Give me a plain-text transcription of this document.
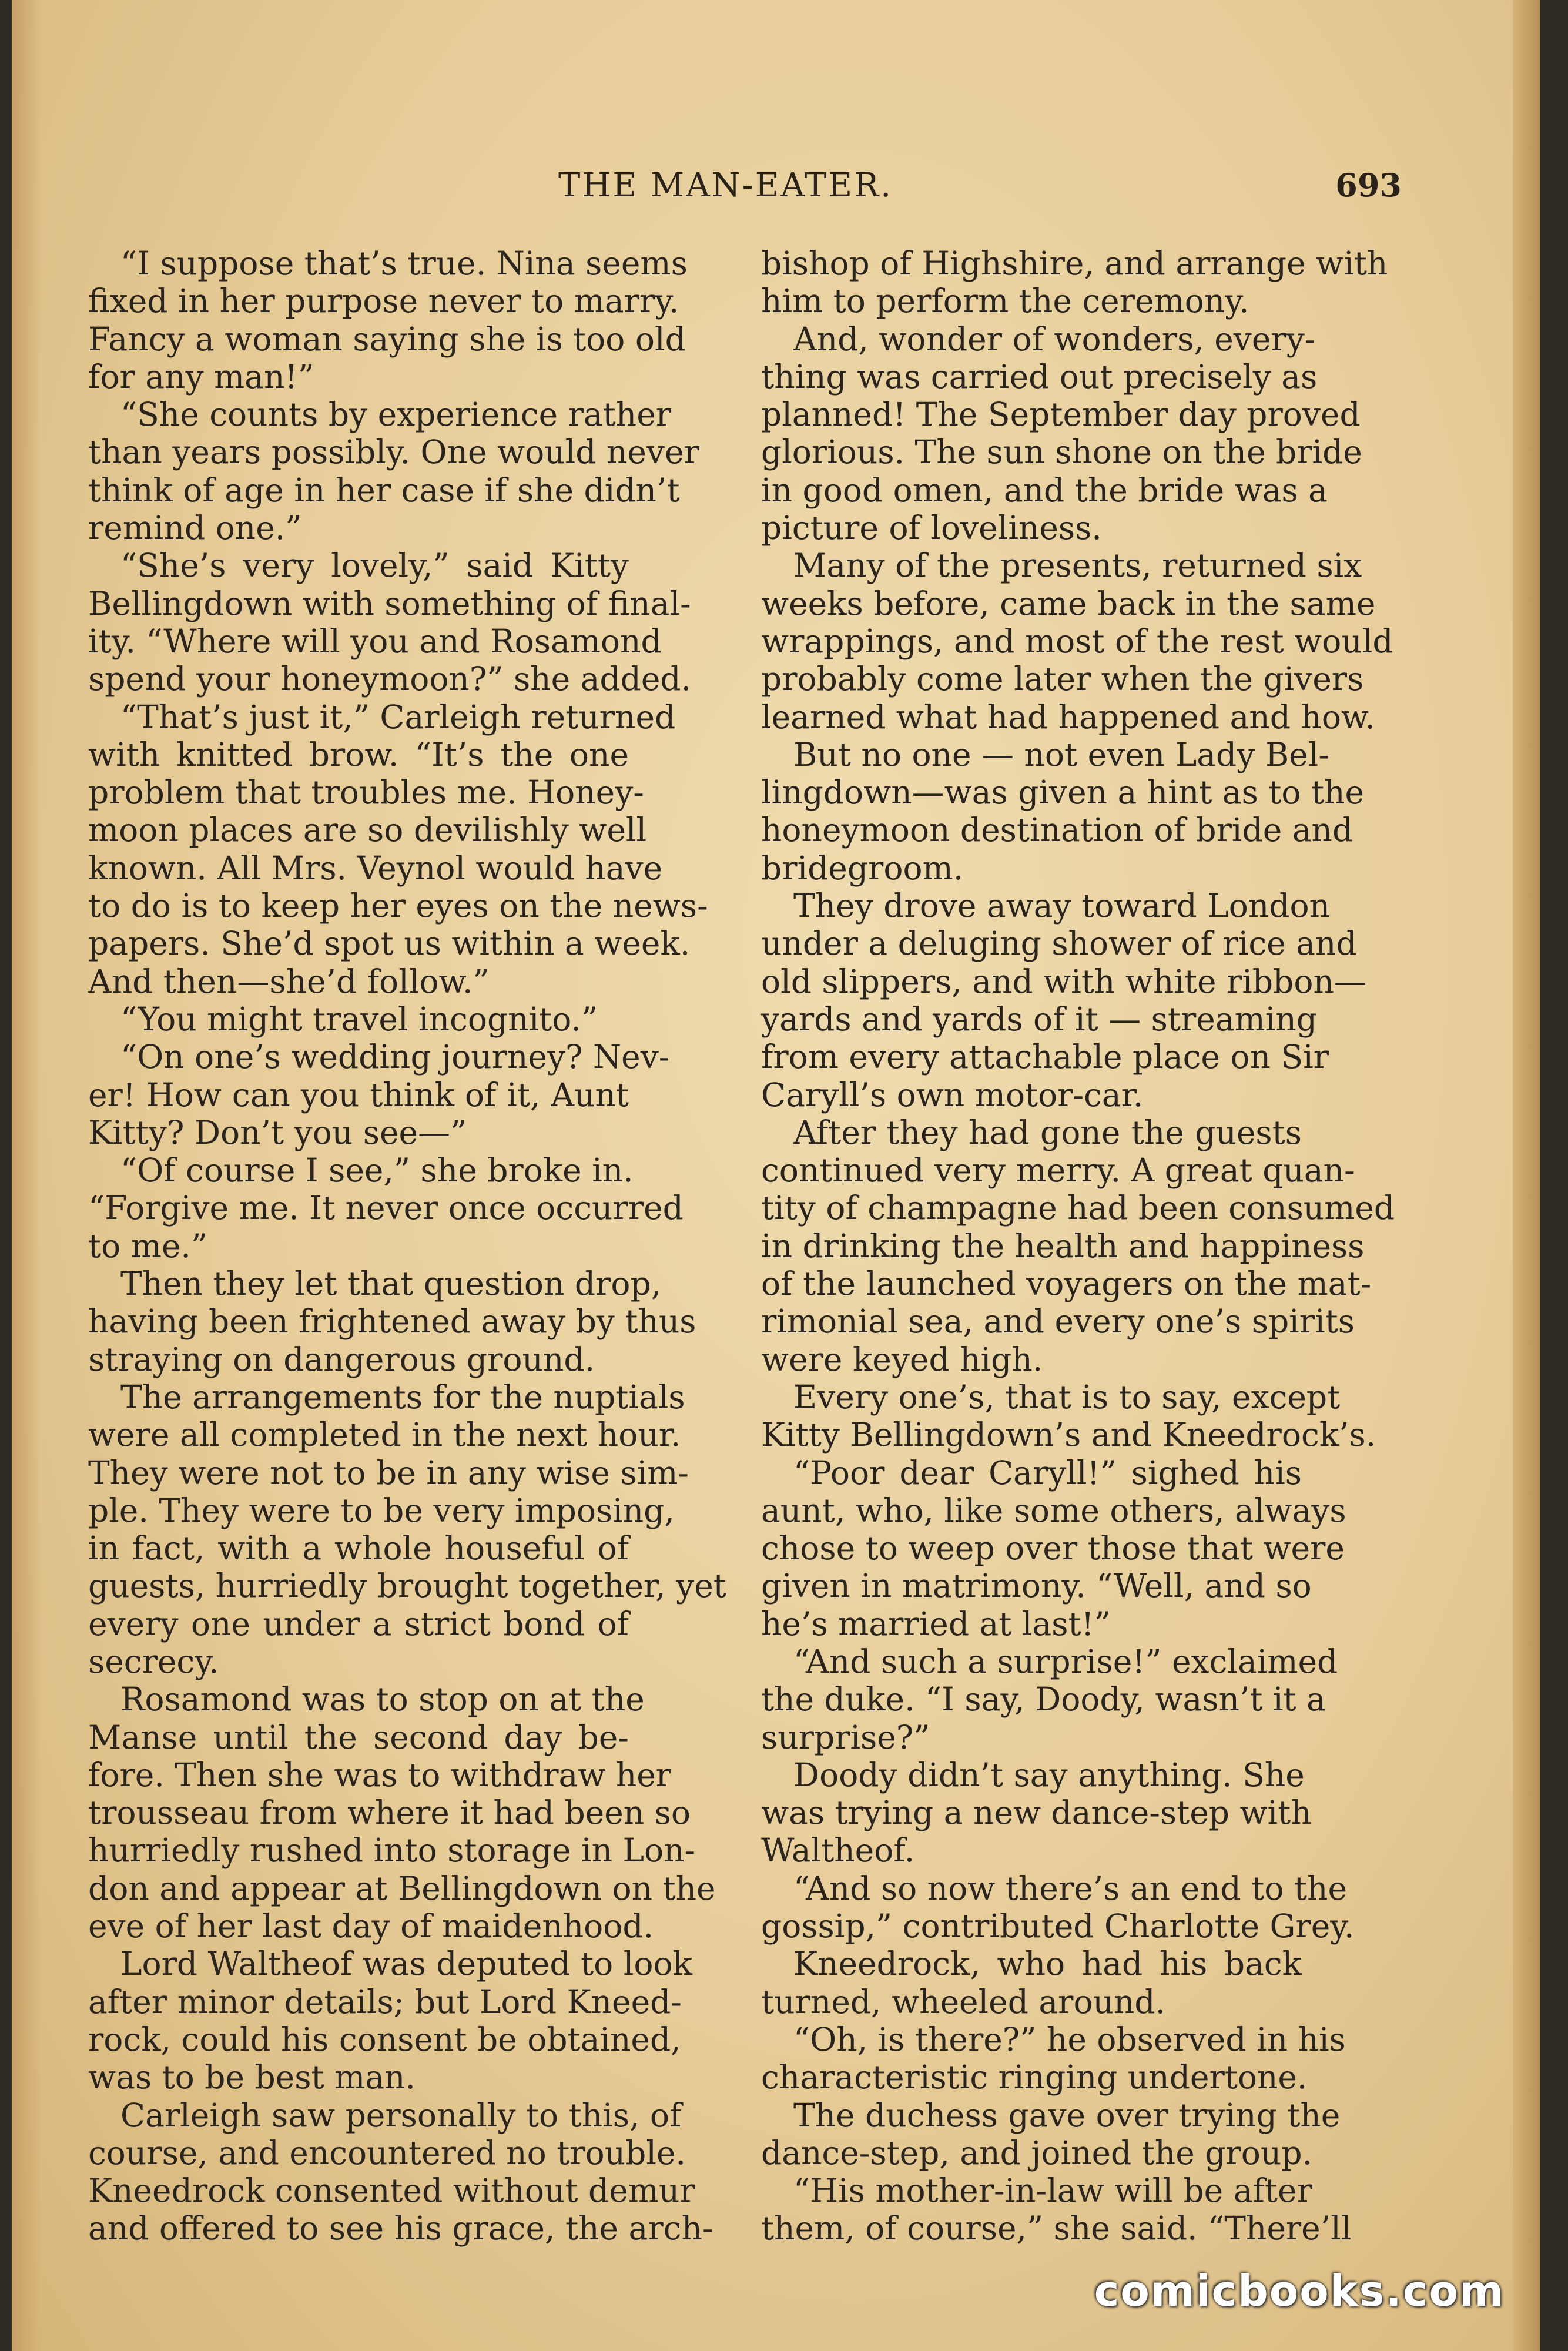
THE MAN-EATER.	693
“I suppose that’s true. Nina seems
fixed in her purpose never to marry.
Fancy a woman saying she is too old
for any man!”
“She counts by experience rather
than years possibly. One would never
think of age in her case if she didn’t
remind one.”
“She’s very lovely,” said Kitty
Bellingdown with something of final-
ity. “Where will you and Rosamond
spend your honeymoon?” she added.
“That’s just it,” Carleigh returned
with knitted brow. “It’s the one
problem that troubles me. Honey-
moon places are so devilishly well
known. All Mrs. Veynol would have
to do is to keep her eyes on the news-
papers. She’d spot us within a week.
And then—she’d follow.”
“You might travel incognito.”
“On one’s wedding journey? Nev-
er! How can you think of it, Aunt
Kitty? Don’t you see—”
“Of course I see,” she broke in.
“Forgive me. It never once occurred
to me.”
Then they let that question drop,
having been frightened away by thus
straying on dangerous ground.
The arrangements for the nuptials
were all completed in the next hour.
They were not to be in any wise sim-
ple. They were to be very imposing,
in fact, with a whole houseful of
guests, hurriedly brought together, yet
every one under a strict bond of
secrecy.
Rosamond was to stop on at the
Manse until the second day be-
fore. Then she was to withdraw her
trousseau from where it had been so
hurriedly rushed into storage in Lon-
don and appear at Bellingdown on the
eve of her last day of maidenhood.
Lord Waltheof was deputed to look
after minor details; but Lord Kneed-
rock, could his consent be obtained,
was to be best man.
Carleigh saw personally to this, of
course, and encountered no trouble.
Kneedrock consented without demur
and offered to see his grace, the arch-
bishop of Highshire, and arrange with
him to perform the ceremony.
And, wonder of wonders, every-
thing was carried out precisely as
planned! The September day proved
glorious. The sun shone on the bride
in good omen, and the bride was a
picture of loveliness.
Many of the presents, returned six
weeks before, came back in the same
wrappings, and most of the rest would
probably come later when the givers
learned what had happened and how.
But no one — not even Lady Bel-
lingdown—was given a hint as to the
honeymoon destination of bride and
bridegroom.
They drove away toward London
under a deluging shower of rice and
old slippers, and with white ribbon—
yards and yards of it — streaming
from every attachable place on Sir
Caryll’s own motor-car.
After they had gone the guests
continued very merry. A great quan-
tity of champagne had been consumed
in drinking the health and happiness
of the launched voyagers on the mat-
rimonial sea, and every one’s spirits
were keyed high.
Every one’s, that is to say, except
Kitty Bellingdown’s and Kneedrock’s.
“Poor dear Caryll!” sighed his
aunt, who, like some others, always
chose to weep over those that were
given in matrimony. “Well, and so
he’s married at last!”
“And such a surprise!” exclaimed
the duke. “I say, Doody, wasn’t it a
surprise?”
Doody didn’t say anything. She
was trying a new dance-step with
Waltheof.
“And so now there’s an end to the
gossip,” contributed Charlotte Grey.
Kneedrock, who had his back
turned, wheeled around.
“Oh, is there?” he observed in his
characteristic ringing undertone.
The duchess gave over trying the
dance-step, and joined the group.
“His mother-in-law will be after
them, of course,” she said. “There’ll
comicbooks.com
